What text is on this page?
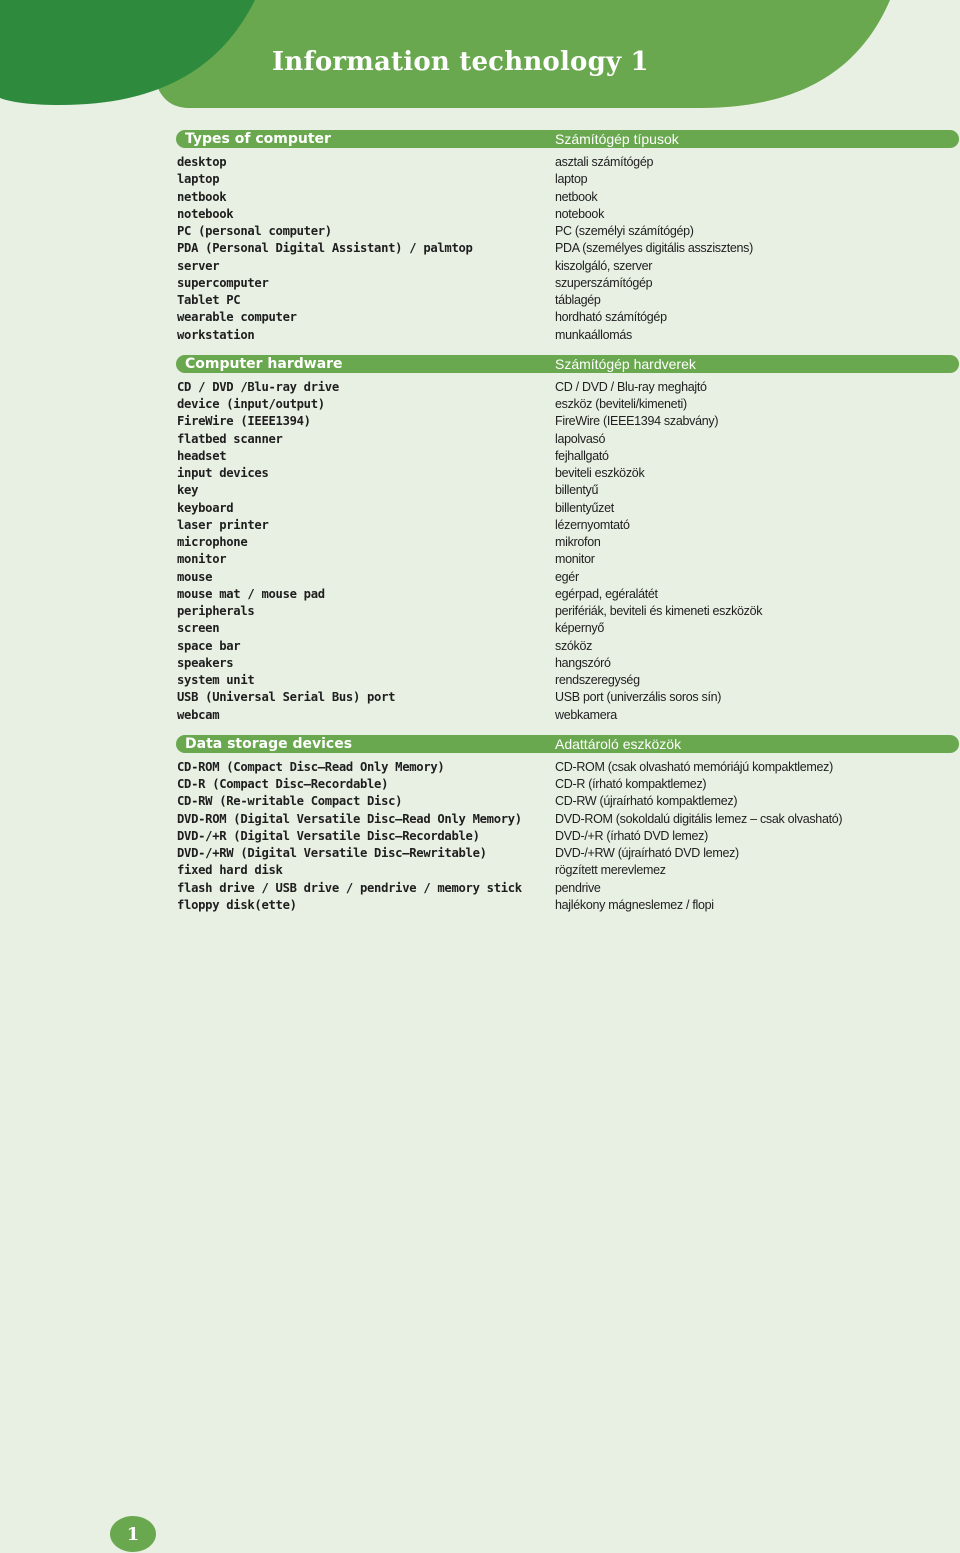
Information technology 1
Types of computer	Számítógép típusok
desktop	asztali számítógép
laptop	laptop
netbook	netbook
notebook	notebook
PC (personal computer)	PC (személyi számítógép)
PDA (Personal Digital Assistant) / palmtop	PDA (személyes digitális asszisztens)
server	kiszolgáló, szerver
supercomputer	szuperszámítógép
Tablet PC	táblagép
wearable computer	hordható számítógép
workstation	munkaállomás
Computer hardware	Számítógép hardverek
CD / DVD /Blu-ray drive	CD / DVD / Blu-ray meghajtó
device (input/output)	eszköz (beviteli/kimeneti)
FireWire (IEEE1394)	FireWire (IEEE1394 szabvány)
flatbed scanner	lapolvasó
headset	fejhallgató
input devices	beviteli eszközök
key	billentyű
keyboard	billentyűzet
laser printer	lézernyomtató
microphone	mikrofon
monitor	monitor
mouse	egér
mouse mat / mouse pad	egérpad, egéralátét
peripherals	perifériák, beviteli és kimeneti eszközök
screen	képernyő
space bar	szóköz
speakers	hangszóró
system unit	rendszeregység
USB (Universal Serial Bus) port	USB port (univerzális soros sín)
webcam	webkamera
Data storage devices	Adattároló eszközök
CD-ROM (Compact Disc–Read Only Memory)	CD-ROM (csak olvasható memóriájú kompaktlemez)
CD-R (Compact Disc–Recordable)	CD-R (írható kompaktlemez)
CD-RW (Re-writable Compact Disc)	CD-RW (újraírható kompaktlemez)
DVD-ROM (Digital Versatile Disc–Read Only Memory)	DVD-ROM (sokoldalú digitális lemez – csak olvasható)
DVD-/+R (Digital Versatile Disc–Recordable)	DVD-/+R (írható DVD lemez)
DVD-/+RW (Digital Versatile Disc–Rewritable)	DVD-/+RW (újraírható DVD lemez)
fixed hard disk	rögzített merevlemez
flash drive / USB drive / pendrive / memory stick	pendrive
floppy disk(ette)	hajlékony mágneslemez / flopi
1
